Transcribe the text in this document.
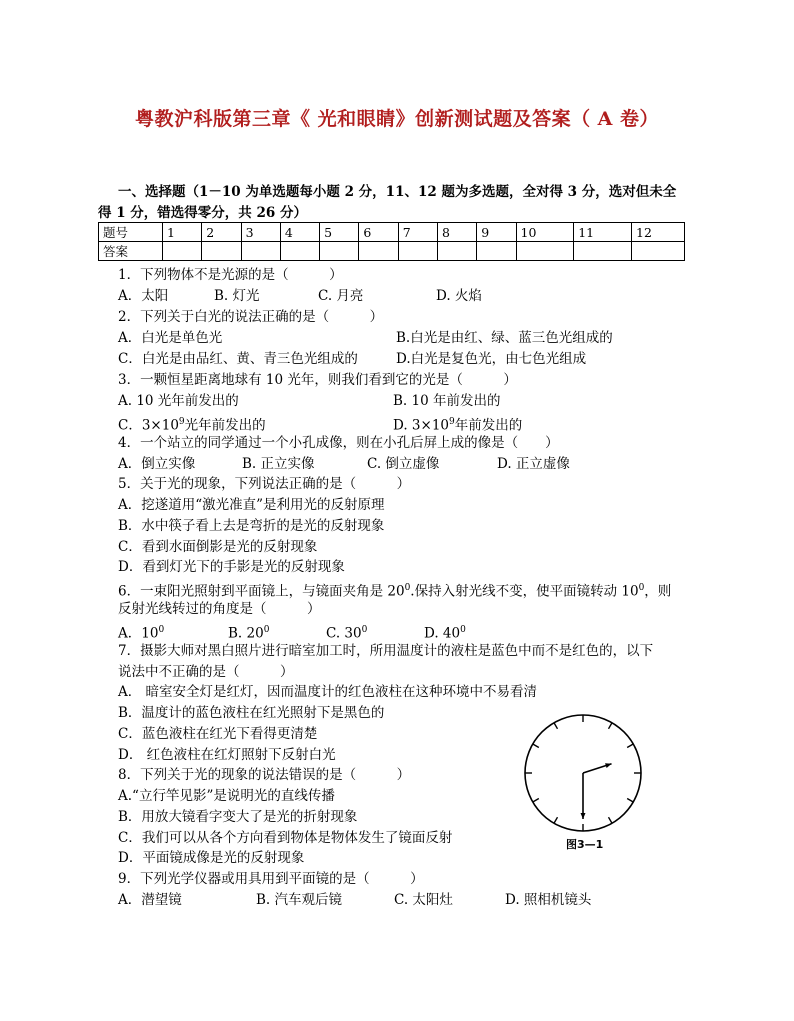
粤教沪科版第三章《 光和眼睛》创新测试题及答案（ A 卷）
一、选择题（1－10 为单选题每小题 2 分，11、12 题为多选题，全对得 3 分，选对但未全
得 1 分，错选得零分，共 26 分）
题号	1	2	3	4	5	6	7	8	9	10	11	12
答案												
1．下列物体不是光源的是（　　　）
A．太阳	B. 灯光	C. 月亮	D. 火焰
2．下列关于白光的说法正确的是（　　　）
A．白光是单色光	B.白光是由红、绿、蓝三色光组成的
C．白光是由品红、黄、青三色光组成的	D.白光是复色光，由七色光组成
3．一颗恒星距离地球有 10 光年，则我们看到它的光是（　　　）
A. 10 光年前发出的	B. 10 年前发出的
C．$3\times 10^9$光年前发出的	D. $3\times 10^9$年前发出的
4．一个站立的同学通过一个小孔成像，则在小孔后屏上成的像是（　　）
A．倒立实像	B. 正立实像	C. 倒立虚像	D. 正立虚像
5．关于光的现象，下列说法正确的是（　　　）
A．挖遂道用“激光准直”是利用光的反射原理
B．水中筷子看上去是弯折的是光的反射现象
C．看到水面倒影是光的反射现象
D．看到灯光下的手影是光的反射现象
6．一束阳光照射到平面镜上，与镜面夹角是 $20^0$.保持入射光线不变，使平面镜转动 $10^0$，则
反射光线转过的角度是（　　　）
A．$10^0$	B. $20^0$	C. $30^0$	D. $40^0$
7．摄影大师对黑白照片进行暗室加工时，所用温度计的液柱是蓝色中而不是红色的，以下
说法中不正确的是（　　　）
A． 暗室安全灯是红灯，因而温度计的红色液柱在这种环境中不易看清
B．温度计的蓝色液柱在红光照射下是黑色的
C．蓝色液柱在红光下看得更清楚
D． 红色液柱在红灯照射下反射白光
8．下列关于光的现象的说法错误的是（　　　）
A.“立行竿见影”是说明光的直线传播
B．用放大镜看字变大了是光的折射现象
C．我们可以从各个方向看到物体是物体发生了镜面反射
D．平面镜成像是光的反射现象
9．下列光学仪器或用具用到平面镜的是（　　　）
A．潜望镜	B. 汽车观后镜	C. 太阳灶	D. 照相机镜头
图3—1
